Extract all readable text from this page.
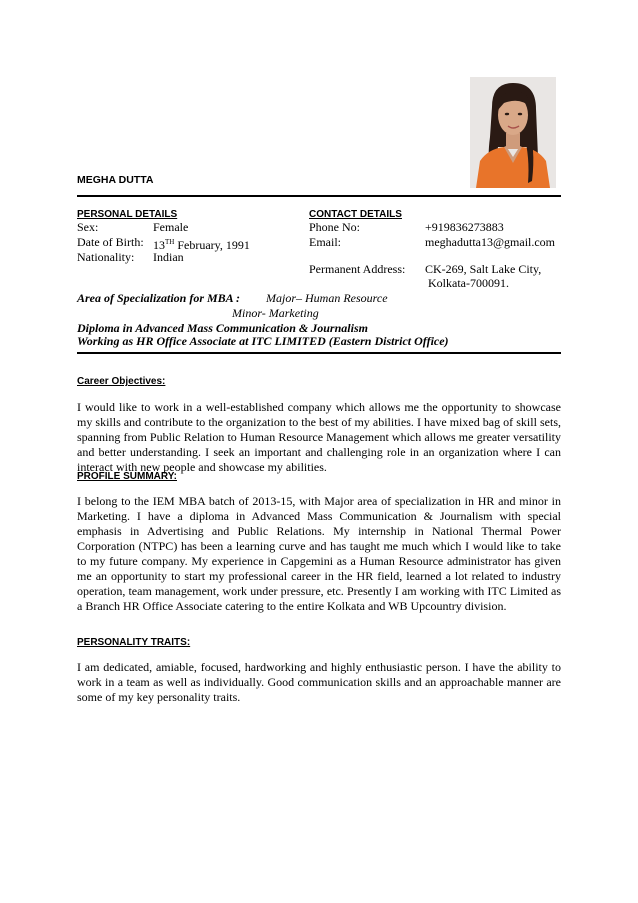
MEGHA DUTTA
PERSONAL DETAILS
Sex:	Female
Date of Birth: 13TH February, 1991
Nationality: Indian
CONTACT DETAILS
Phone No:	+919836273883
Email:	meghadutta13@gmail.com
Permanent Address: CK-269, Salt Lake City,
Kolkata-700091.
Area of Specialization for MBA : Major– Human Resource
Minor- Marketing
Diploma in Advanced Mass Communication & Journalism
Working as HR Office Associate at ITC LIMITED (Eastern District Office)
Career Objectives:
I would like to work in a well-established company which allows me the opportunity to showcase my skills and contribute to the organization to the best of my abilities. I have mixed bag of skill sets, spanning from Public Relation to Human Resource Management which allows me greater versatility and better understanding. I seek an important and challenging role in an organization where I can interact with new people and showcase my abilities.
PROFILE SUMMARY:
I belong to the IEM MBA batch of 2013-15, with Major area of specialization in HR and minor in Marketing. I have a diploma in Advanced Mass Communication & Journalism with special emphasis in Advertising and Public Relations. My internship in National Thermal Power Corporation (NTPC) has been a learning curve and has taught me much which I would like to take to my future company. My experience in Capgemini as a Human Resource administrator has given me an opportunity to start my professional career in the HR field, learned a lot related to industry operation, team management, work under pressure, etc. Presently I am working with ITC Limited as a Branch HR Office Associate catering to the entire Kolkata and WB Upcountry division.
PERSONALITY TRAITS:
I am dedicated, amiable, focused, hardworking and highly enthusiastic person. I have the ability to work in a team as well as individually. Good communication skills and an approachable manner are some of my key personality traits.
